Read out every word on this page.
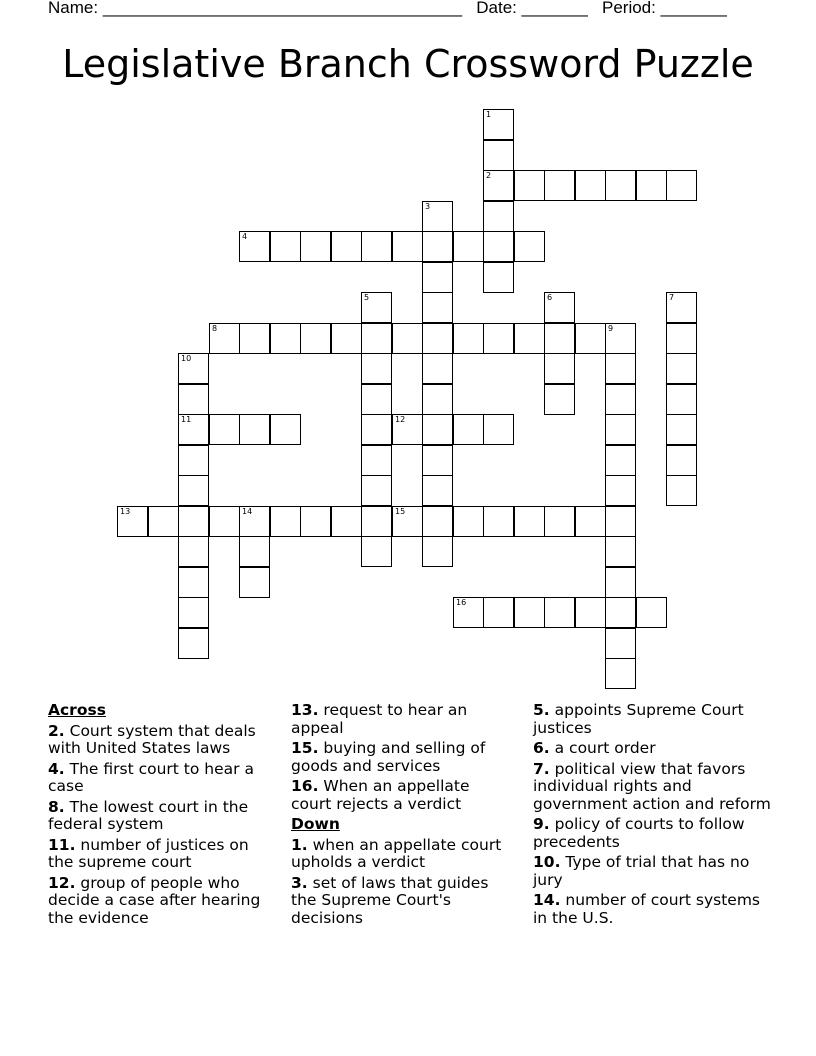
Name: ______________________________________ Date: _______ Period: _______
Legislative Branch Crossword Puzzle
1
2
3
4
5	6	7
8	9
10
11	12
13	14	15
16
Across
2. Court system that deals with United States laws
4. The first court to hear a case
8. The lowest court in the federal system
11. number of justices on the supreme court
12. group of people who decide a case after hearing the evidence
13. request to hear an appeal
15. buying and selling of goods and services
16. When an appellate court rejects a verdict
Down
1. when an appellate court upholds a verdict
3. set of laws that guides the Supreme Court's decisions
5. appoints Supreme Court justices
6. a court order
7. political view that favors individual rights and government action and reform
9. policy of courts to follow precedents
10. Type of trial that has no jury
14. number of court systems in the U.S.
